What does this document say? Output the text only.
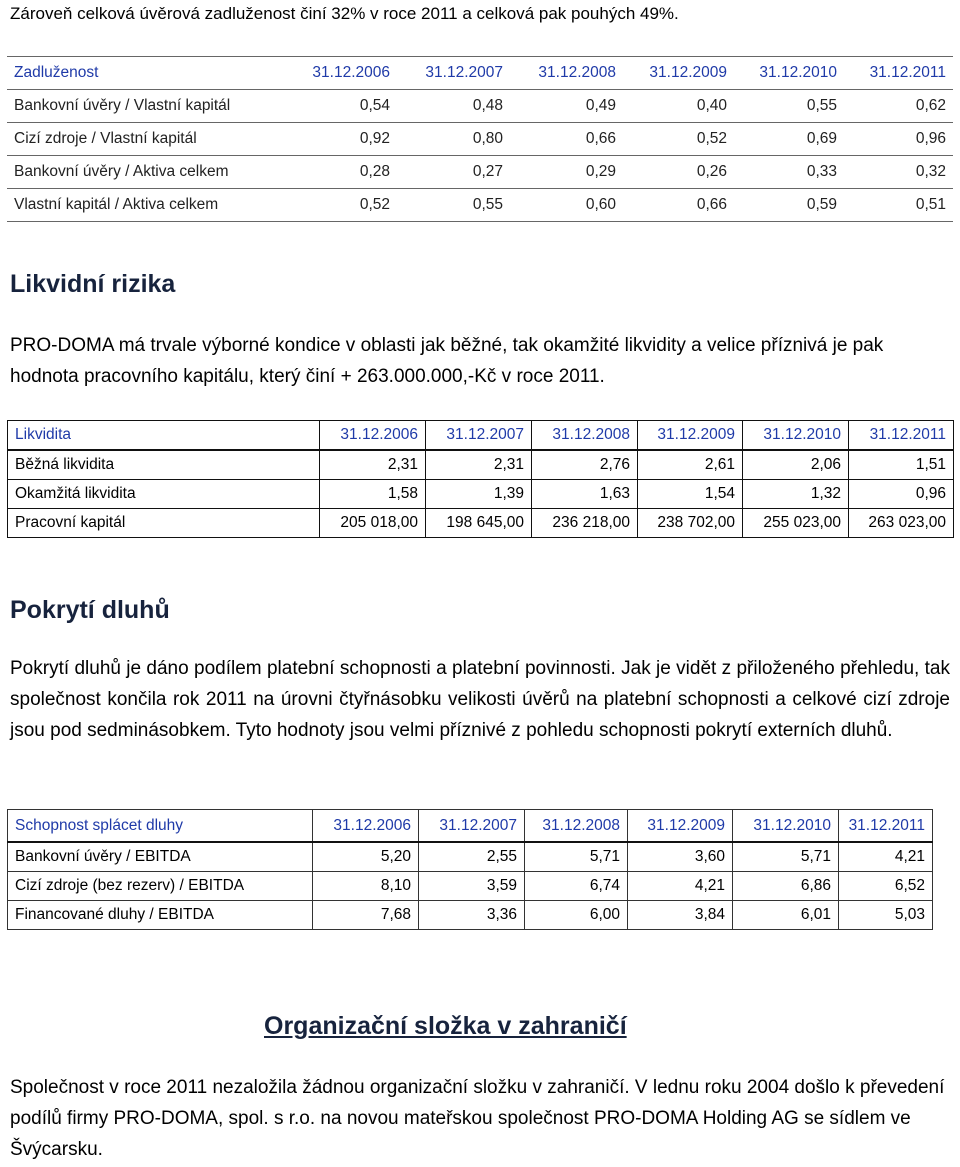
Zároveň celková úvěrová zadluženost činí 32% v roce 2011 a celková pak pouhých 49%.
Zadluženost	31.12.2006	31.12.2007	31.12.2008	31.12.2009	31.12.2010	31.12.2011
Bankovní úvěry / Vlastní kapitál	0,54	0,48	0,49	0,40	0,55	0,62
Cizí zdroje / Vlastní kapitál	0,92	0,80	0,66	0,52	0,69	0,96
Bankovní úvěry / Aktiva celkem	0,28	0,27	0,29	0,26	0,33	0,32
Vlastní kapitál / Aktiva celkem	0,52	0,55	0,60	0,66	0,59	0,51
Likvidní rizika

PRO-DOMA má trvale výborné kondice v oblasti jak běžné, tak okamžité likvidity a velice příznivá je pak hodnota pracovního kapitálu, který činí + 263.000.000,-Kč v roce 2011.

Likvidita	31.12.2006	31.12.2007	31.12.2008	31.12.2009	31.12.2010	31.12.2011
Běžná likvidita	2,31	2,31	2,76	2,61	2,06	1,51
Okamžitá likvidita	1,58	1,39	1,63	1,54	1,32	0,96
Pracovní kapitál	205 018,00	198 645,00	236 218,00	238 702,00	255 023,00	263 023,00
Pokrytí dluhů

Pokrytí dluhů je dáno podílem platební schopnosti a platební povinnosti. Jak je vidět z přiloženého přehledu, tak společnost končila rok 2011 na úrovni čtyřnásobku velikosti úvěrů na platební schopnosti a celkové cizí zdroje jsou pod sedminásobkem. Tyto hodnoty jsou velmi příznivé z pohledu schopnosti pokrytí externích dluhů.

Schopnost splácet dluhy	31.12.2006	31.12.2007	31.12.2008	31.12.2009	31.12.2010	31.12.2011
Bankovní úvěry / EBITDA	5,20	2,55	5,71	3,60	5,71	4,21
Cizí zdroje (bez rezerv) / EBITDA	8,10	3,59	6,74	4,21	6,86	6,52
Financované dluhy / EBITDA	7,68	3,36	6,00	3,84	6,01	5,03
Organizační složka v zahraničí

Společnost v roce 2011 nezaložila žádnou organizační složku v zahraničí. V lednu roku 2004 došlo k převedení podílů firmy PRO-DOMA, spol. s r.o. na novou mateřskou společnost PRO-DOMA Holding AG se sídlem ve Švýcarsku.
